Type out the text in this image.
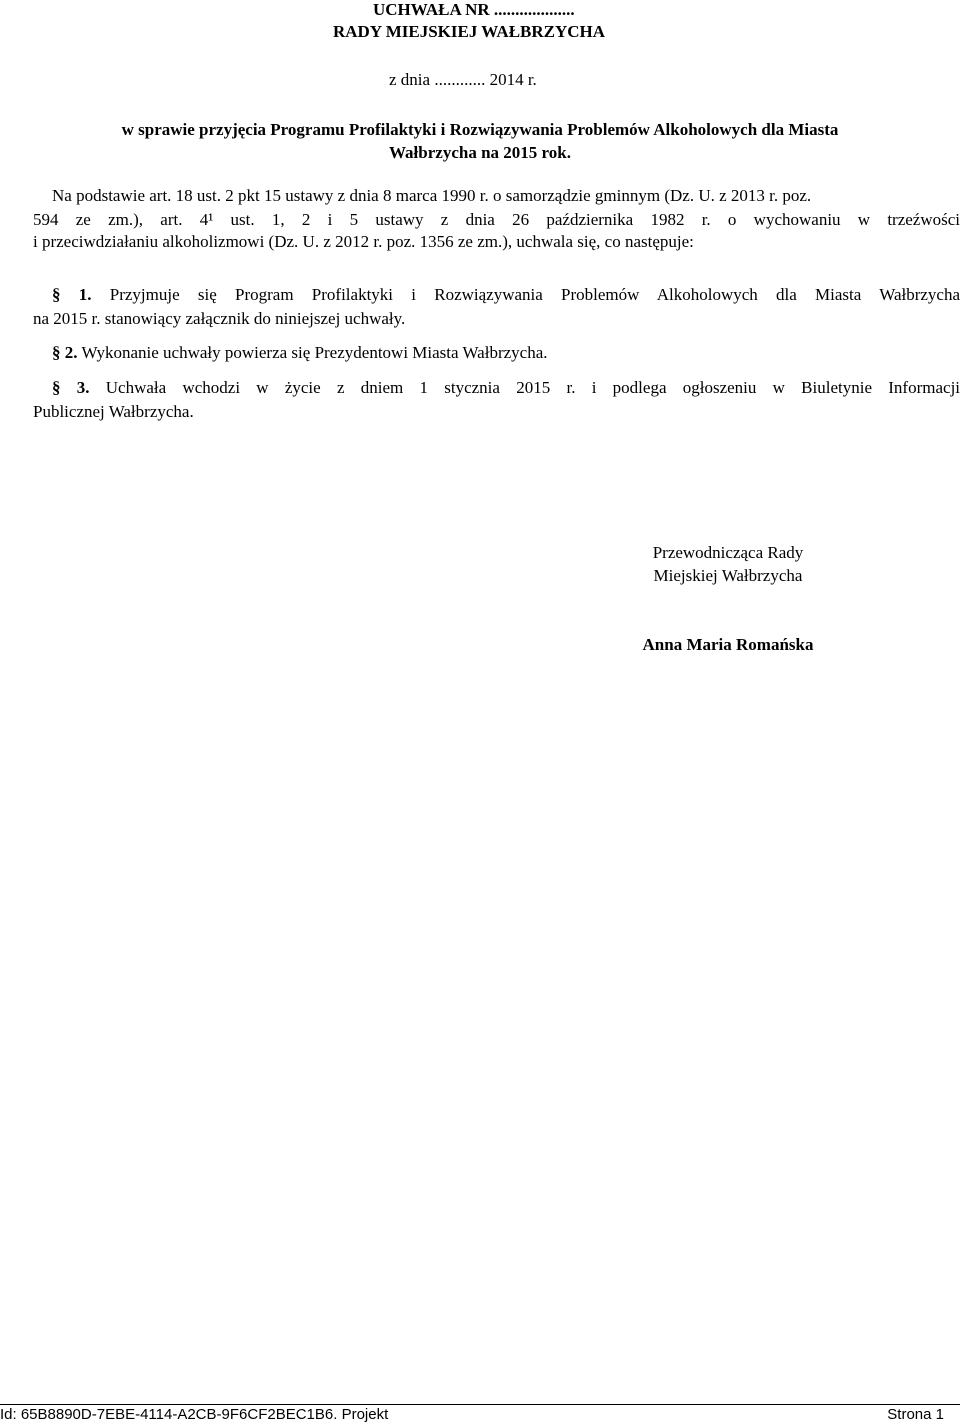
UCHWAŁA NR ...................
RADY MIEJSKIEJ WAŁBRZYCHA
z dnia ............ 2014 r.
w sprawie przyjęcia Programu Profilaktyki i Rozwiązywania Problemów Alkoholowych dla Miasta
Wałbrzycha na 2015 rok.
Na podstawie art. 18 ust. 2 pkt 15 ustawy z dnia 8 marca 1990 r. o samorządzie gminnym (Dz. U. z 2013 r. poz.
594 ze zm.), art. 4¹ ust. 1, 2 i 5 ustawy z dnia 26 października 1982 r. o wychowaniu w trzeźwości
i przeciwdziałaniu alkoholizmowi (Dz. U. z 2012 r. poz. 1356 ze zm.), uchwala się, co następuje:
§ 1. Przyjmuje się Program Profilaktyki i Rozwiązywania Problemów Alkoholowych dla Miasta Wałbrzycha
na 2015 r. stanowiący załącznik do niniejszej uchwały.
§ 2. Wykonanie uchwały powierza się Prezydentowi Miasta Wałbrzycha.
§ 3. Uchwała wchodzi w życie z dniem 1 stycznia 2015 r. i podlega ogłoszeniu w Biuletynie Informacji
Publicznej Wałbrzycha.
Przewodnicząca Rady
Miejskiej Wałbrzycha
Anna Maria Romańska
Id: 65B8890D-7EBE-4114-A2CB-9F6CF2BEC1B6. Projekt	Strona 1
